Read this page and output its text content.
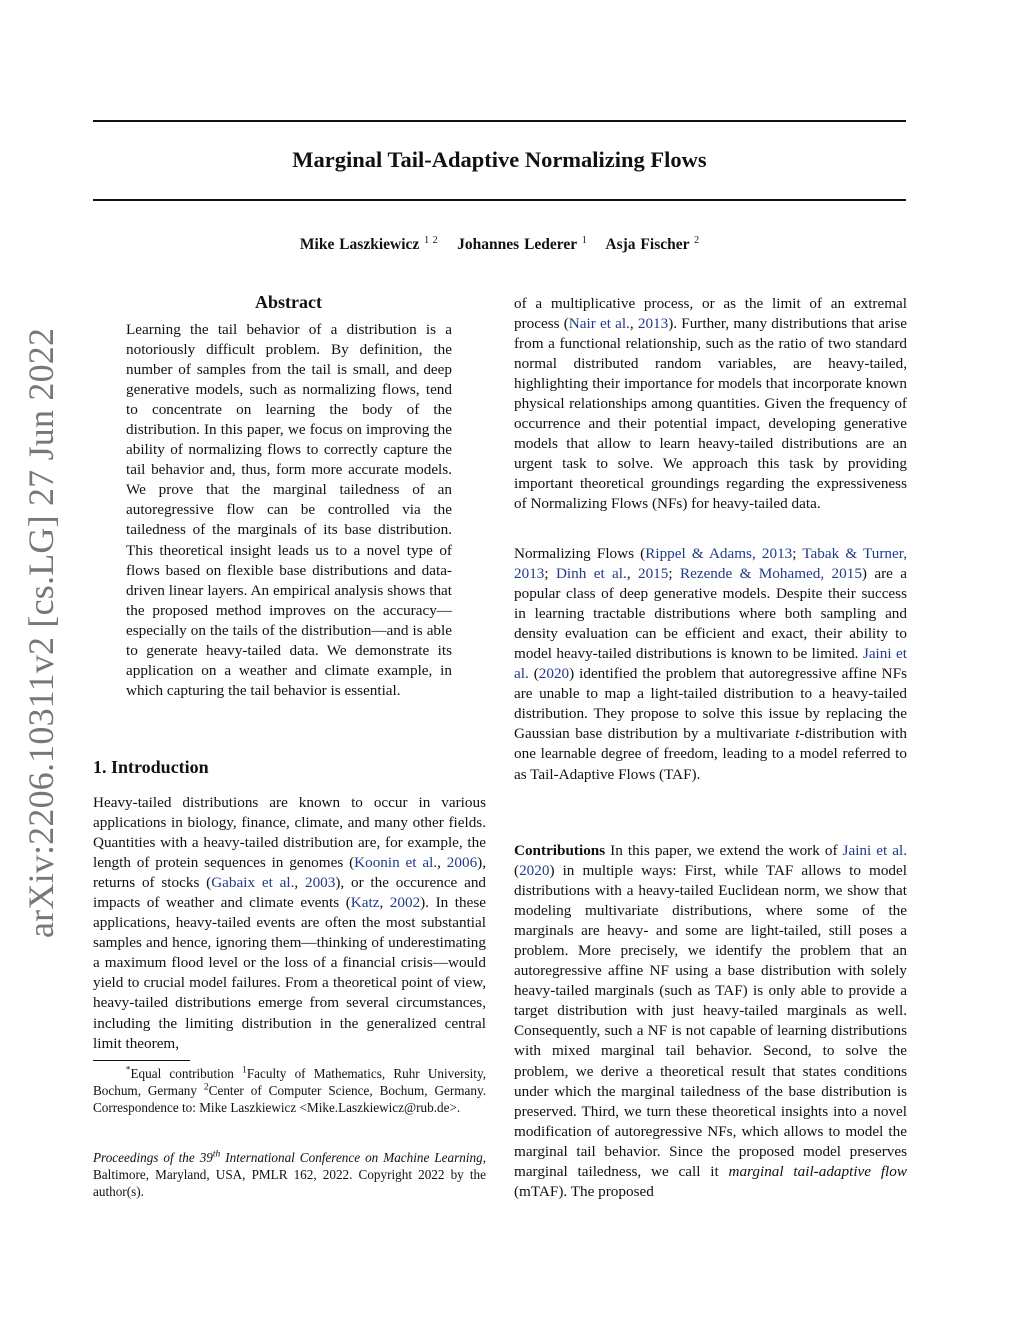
Marginal Tail-Adaptive Normalizing Flows
Mike Laszkiewicz $^{1 2}$ Johannes Lederer $^1$ Asja Fischer $^2$
arXiv:2206.10311v2 [cs.LG] 27 Jun 2022
Abstract

Learning the tail behavior of a distribution is a notoriously difficult problem. By definition, the number of samples from the tail is small, and deep generative models, such as normalizing flows, tend to concentrate on learning the body of the distribution. In this paper, we focus on improving the ability of normalizing flows to correctly capture the tail behavior and, thus, form more accurate models. We prove that the marginal tailedness of an autoregressive flow can be controlled via the tailedness of the marginals of its base distribution. This theoretical insight leads us to a novel type of flows based on flexible base distributions and data-driven linear layers. An empirical analysis shows that the proposed method improves on the accuracy—especially on the tails of the distribution—and is able to generate heavy-tailed data. We demonstrate its application on a weather and climate example, in which capturing the tail behavior is essential.

1. Introduction

Heavy-tailed distributions are known to occur in various applications in biology, finance, climate, and many other fields. Quantities with a heavy-tailed distribution are, for example, the length of protein sequences in genomes (Koonin et al., 2006), returns of stocks (Gabaix et al., 2003), or the occurence and impacts of weather and climate events (Katz, 2002). In these applications, heavy-tailed events are often the most substantial samples and hence, ignoring them—thinking of underestimating a maximum flood level or the loss of a financial crisis—would yield to crucial model failures. From a theoretical point of view, heavy-tailed distributions emerge from several circumstances, including the limiting distribution in the generalized central limit theorem,

*Equal contribution $^1$Faculty of Mathematics, Ruhr University, Bochum, Germany $^2$Center of Computer Science, Bochum, Germany. Correspondence to: Mike Laszkiewicz <Mike.Laszkiewicz@rub.de>.

Proceedings of the 39th International Conference on Machine Learning, Baltimore, Maryland, USA, PMLR 162, 2022. Copyright 2022 by the author(s).

of a multiplicative process, or as the limit of an extremal process (Nair et al., 2013). Further, many distributions that arise from a functional relationship, such as the ratio of two standard normal distributed random variables, are heavy-tailed, highlighting their importance for models that incorporate known physical relationships among quantities. Given the frequency of occurrence and their potential impact, developing generative models that allow to learn heavy-tailed distributions are an urgent task to solve. We approach this task by providing important theoretical groundings regarding the expressiveness of Normalizing Flows (NFs) for heavy-tailed data.

Normalizing Flows (Rippel & Adams, 2013; Tabak & Turner, 2013; Dinh et al., 2015; Rezende & Mohamed, 2015) are a popular class of deep generative models. Despite their success in learning tractable distributions where both sampling and density evaluation can be efficient and exact, their ability to model heavy-tailed distributions is known to be limited. Jaini et al. (2020) identified the problem that autoregressive affine NFs are unable to map a light-tailed distribution to a heavy-tailed distribution. They propose to solve this issue by replacing the Gaussian base distribution by a multivariate t-distribution with one learnable degree of freedom, leading to a model referred to as Tail-Adaptive Flows (TAF).

Contributions In this paper, we extend the work of Jaini et al. (2020) in multiple ways: First, while TAF allows to model distributions with a heavy-tailed Euclidean norm, we show that modeling multivariate distributions, where some of the marginals are heavy- and some are light-tailed, still poses a problem. More precisely, we identify the problem that an autoregressive affine NF using a base distribution with solely heavy-tailed marginals (such as TAF) is only able to provide a target distribution with just heavy-tailed marginals as well. Consequently, such a NF is not capable of learning distributions with mixed marginal tail behavior. Second, to solve the problem, we derive a theoretical result that states conditions under which the marginal tailedness of the base distribution is preserved. Third, we turn these theoretical insights into a novel modification of autoregressive NFs, which allows to model the marginal tail behavior. Since the proposed model preserves marginal tailedness, we call it marginal tail-adaptive flow (mTAF). The proposed
